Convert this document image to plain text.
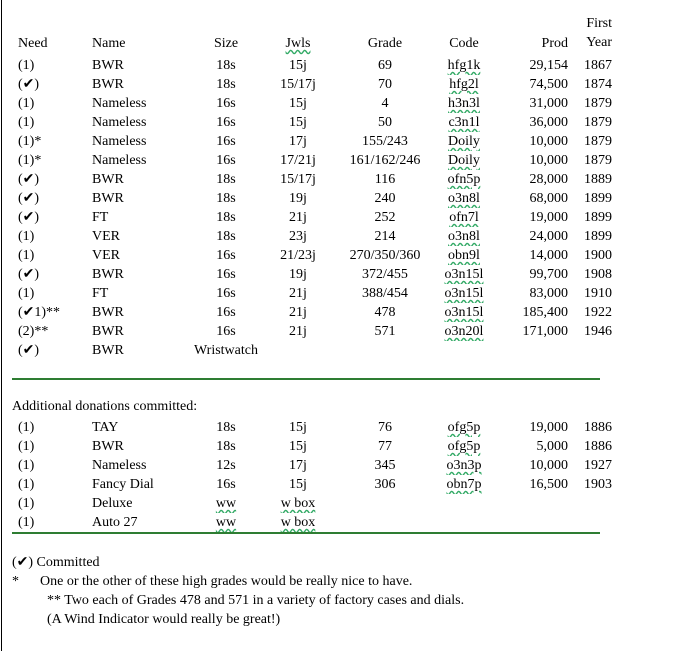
Need	Name	Size	Jwls	Grade	Code	Prod	
First
Year
(1)	BWR	18s	15j	69	hfg1k	29,154	1867
(✔)	BWR	18s	15/17j	70	hfg2l	74,500	1874
(1)	Nameless	16s	15j	4	h3n3l	31,000	1879
(1)	Nameless	16s	15j	50	c3n1l	36,000	1879
(1)*	Nameless	16s	17j	155/243	Doily	10,000	1879
(1)*	Nameless	16s	17/21j	161/162/246	Doily	10,000	1879
(✔)	BWR	18s	15/17j	116	ofn5p	28,000	1889
(✔)	BWR	18s	19j	240	o3n8l	68,000	1899
(✔)	FT	18s	21j	252	ofn7l	19,000	1899
(1)	VER	18s	23j	214	o3n8l	24,000	1899
(1)	VER	16s	21/23j	270/350/360	obn9l	14,000	1900
(✔)	BWR	16s	19j	372/455	o3n15l	99,700	1908
(1)	FT	16s	21j	388/454	o3n15l	83,000	1910
(✔1)**	BWR	16s	21j	478	o3n15l	185,400	1922
(2)**	BWR	16s	21j	571	o3n20l	171,000	1946
(✔)	BWR	Wristwatch					
Additional donations committed:
(1)	TAY	18s	15j	76	ofg5p	19,000	1886
(1)	BWR	18s	15j	77	ofg5p	5,000	1886
(1)	Nameless	12s	17j	345	o3n3p	10,000	1927
(1)	Fancy Dial	16s	15j	306	obn7p	16,500	1903
(1)	Deluxe	ww	w box				
(1)	Auto 27	ww	w box				
(✔) Committed
*      One or the other of these high grades would be really nice to have.
** Two each of Grades 478 and 571 in a variety of factory cases and dials.
(A Wind Indicator would really be great!)
